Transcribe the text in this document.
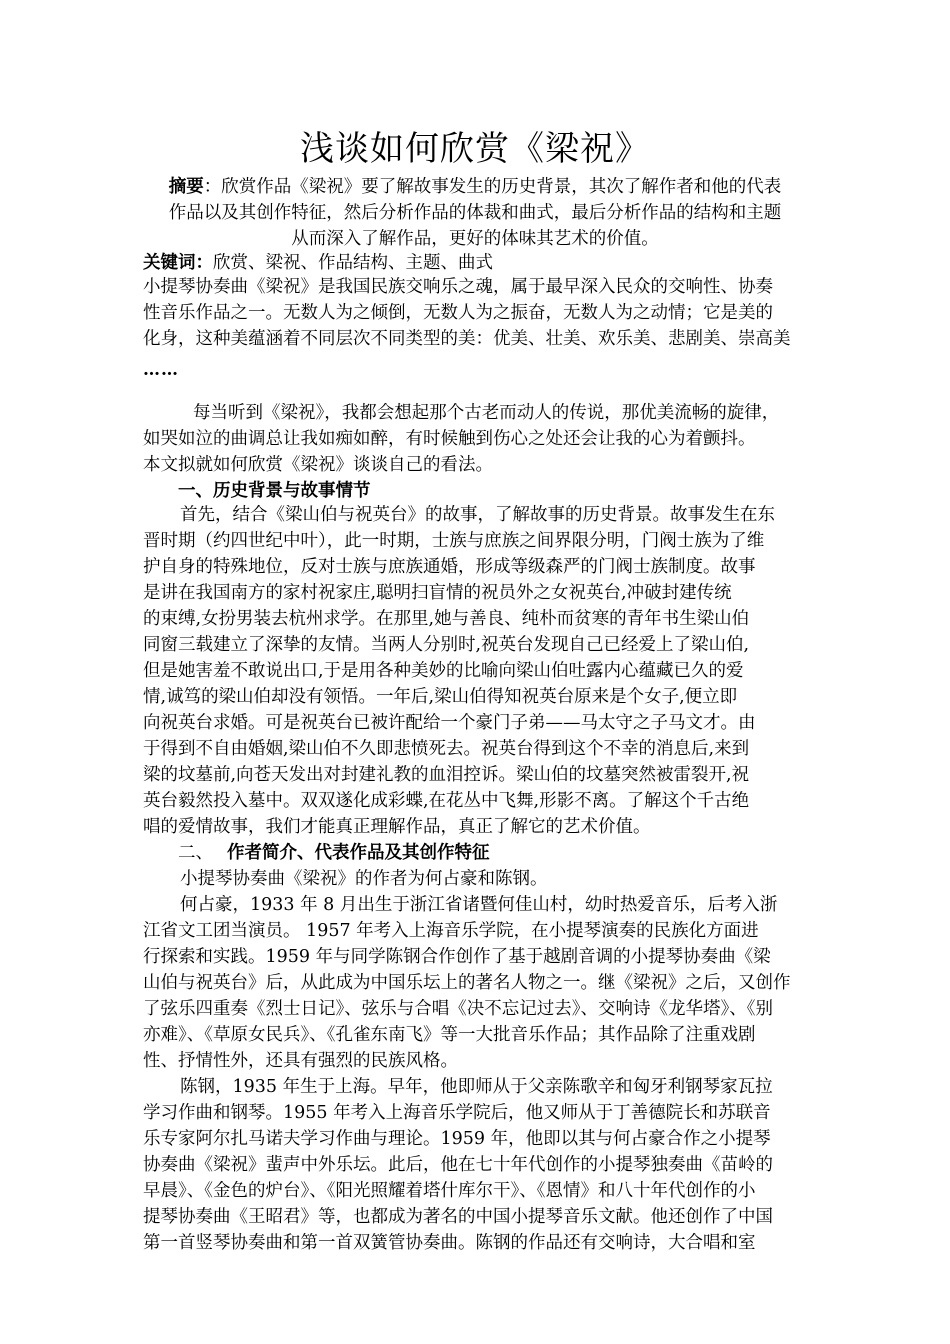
浅谈如何欣赏《梁祝》
摘要：欣赏作品《梁祝》要了解故事发生的历史背景，其次了解作者和他的代表
作品以及其创作特征，然后分析作品的体裁和曲式，最后分析作品的结构和主题
从而深入了解作品，更好的体味其艺术的价值。
关键词：欣赏、梁祝、作品结构、主题、曲式
小提琴协奏曲《梁祝》是我国民族交响乐之魂，属于最早深入民众的交响性、协奏
性音乐作品之一。无数人为之倾倒，无数人为之振奋，无数人为之动情；它是美的
化身，这种美蕴涵着不同层次不同类型的美：优美、壮美、欢乐美、悲剧美、崇高美
……
每当听到《梁祝》，我都会想起那个古老而动人的传说，那优美流畅的旋律，
如哭如泣的曲调总让我如痴如醉，有时候触到伤心之处还会让我的心为着颤抖。
本文拟就如何欣赏《梁祝》谈谈自己的看法。
一、历史背景与故事情节
首先，结合《梁山伯与祝英台》的故事，了解故事的历史背景。故事发生在东
晋时期（约四世纪中叶），此一时期，士族与庶族之间界限分明，门阀士族为了维
护自身的特殊地位，反对士族与庶族通婚，形成等级森严的门阀士族制度。故事
是讲在我国南方的家村祝家庄,聪明扫盲情的祝员外之女祝英台,冲破封建传统
的束缚,女扮男装去杭州求学。在那里,她与善良、纯朴而贫寒的青年书生梁山伯
同窗三载建立了深挚的友情。当两人分别时,祝英台发现自己已经爱上了梁山伯,
但是她害羞不敢说出口,于是用各种美妙的比喻向梁山伯吐露内心蕴藏已久的爱
情,诚笃的梁山伯却没有领悟。一年后,梁山伯得知祝英台原来是个女子,便立即
向祝英台求婚。可是祝英台已被许配给一个豪门子弟——马太守之子马文才。由
于得到不自由婚姻,梁山伯不久即悲愤死去。祝英台得到这个不幸的消息后,来到
梁的坟墓前,向苍天发出对封建礼教的血泪控诉。梁山伯的坟墓突然被雷裂开,祝
英台毅然投入墓中。双双遂化成彩蝶,在花丛中飞舞,形影不离。了解这个千古绝
唱的爱情故事，我们才能真正理解作品，真正了解它的艺术价值。
二、 作者简介、代表作品及其创作特征
小提琴协奏曲《梁祝》的作者为何占豪和陈钢。
何占豪，1933 年 8 月出生于浙江省诸暨何佳山村，幼时热爱音乐，后考入浙
江省文工团当演员。 1957 年考入上海音乐学院，在小提琴演奏的民族化方面进
行探索和实践。1959 年与同学陈钢合作创作了基于越剧音调的小提琴协奏曲《梁
山伯与祝英台》后，从此成为中国乐坛上的著名人物之一。继《梁祝》之后，又创作
了弦乐四重奏《烈士日记》、弦乐与合唱《决不忘记过去》、交响诗《龙华塔》、《别
亦难》、《草原女民兵》、《孔雀东南飞》等一大批音乐作品；其作品除了注重戏剧
性、抒情性外，还具有强烈的民族风格。
陈钢，1935 年生于上海。早年，他即师从于父亲陈歌辛和匈牙利钢琴家瓦拉
学习作曲和钢琴。1955 年考入上海音乐学院后，他又师从于丁善德院长和苏联音
乐专家阿尔扎马诺夫学习作曲与理论。1959 年，他即以其与何占豪合作之小提琴
协奏曲《梁祝》蜚声中外乐坛。此后，他在七十年代创作的小提琴独奏曲《苗岭的
早晨》、《金色的炉台》、《阳光照耀着塔什库尔干》、《恩情》和八十年代创作的小
提琴协奏曲《王昭君》等，也都成为著名的中国小提琴音乐文献。他还创作了中国
第一首竖琴协奏曲和第一首双簧管协奏曲。陈钢的作品还有交响诗，大合唱和室
